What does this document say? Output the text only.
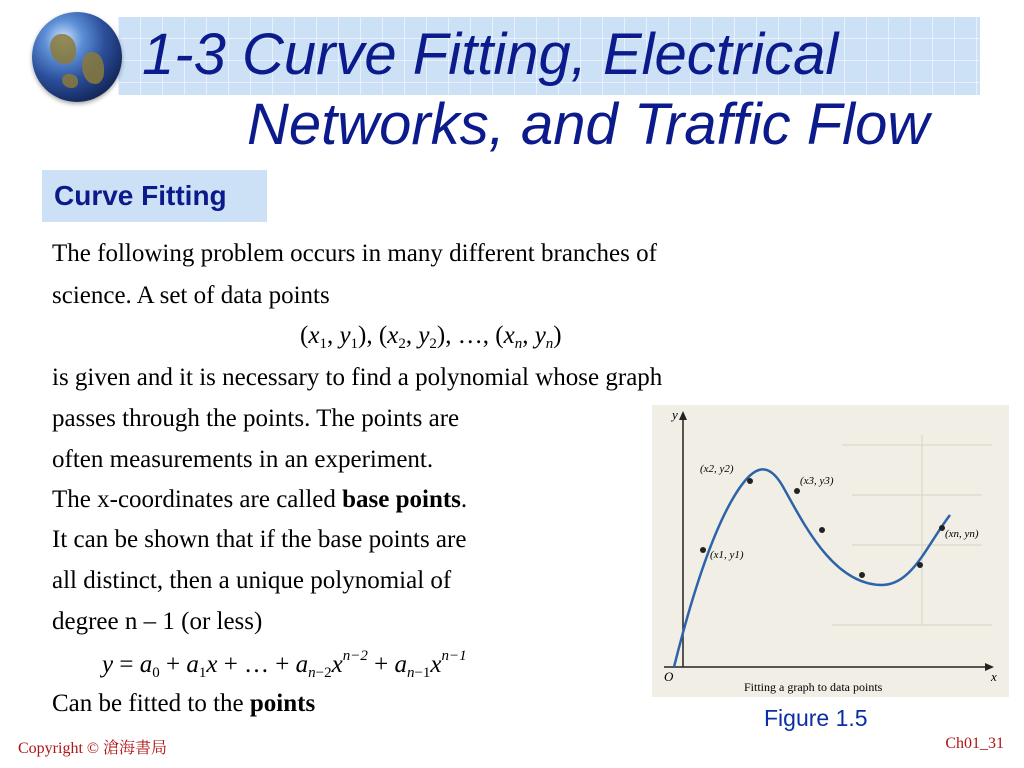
1-3 Curve Fitting, Electrical
Networks, and Traffic Flow
Curve Fitting
The following problem occurs in many different branches of
science. A set of data points
($x_1$, $y_1$), ($x_2$, $y_2$), …, ($x_n$, $y_n$)
is given and it is necessary to find a polynomial whose graph
passes through the points. The points are
often measurements in an experiment.
The x-coordinates are called base points.
It can be shown that if the base points are
all distinct, then a unique polynomial of
degree n – 1 (or less)
$y = a_0 + a_1x$ + … + $a_{n-2}x^{n-2} + a_{n-1}x^{n-1}$
Can be fitted to the points
y
x
O
(x1, y1)
(x2, y2)
(x3, y3)
(xn, yn)
Fitting a graph to data points
Figure 1.5
Copyright © 滄海書局	Ch01_31
